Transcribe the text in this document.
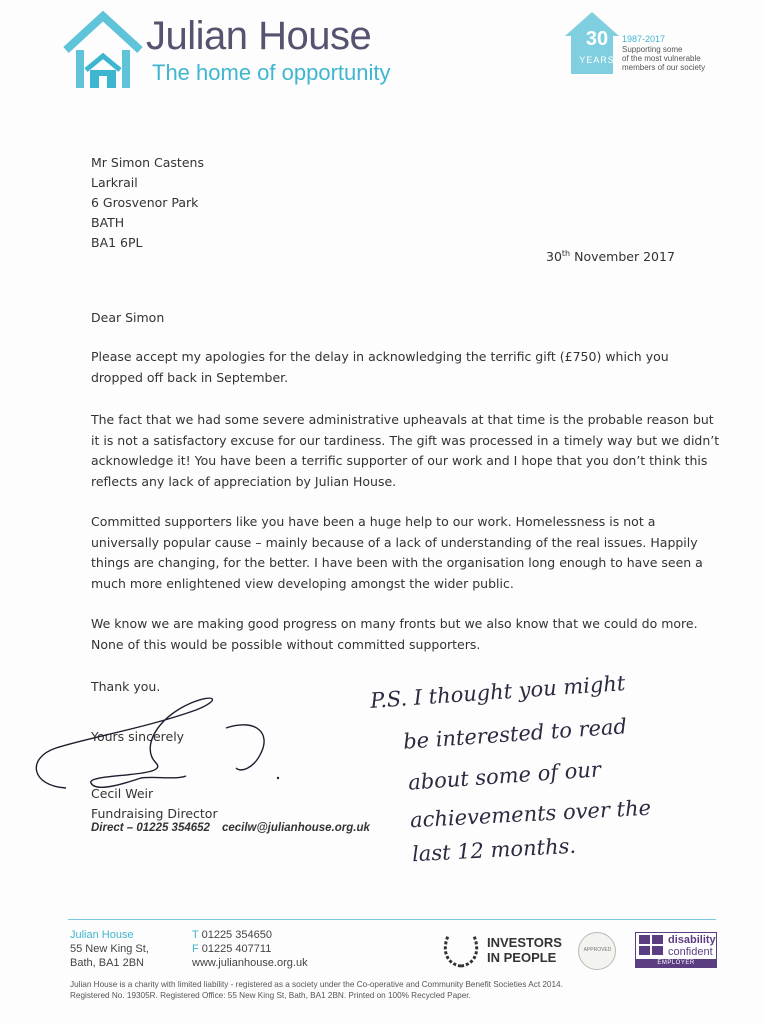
Julian House
The home of opportunity
30
YEARS
1987-2017
Supporting some
of the most vulnerable
members of our society
Mr Simon Castens
Larkrail
6 Grosvenor Park
BATH
BA1 6PL
30th November 2017
Dear Simon
Please accept my apologies for the delay in acknowledging the terrific gift (£750) which you dropped off back in September.
The fact that we had some severe administrative upheavals at that time is the probable reason but it is not a satisfactory excuse for our tardiness. The gift was processed in a timely way but we didn’t acknowledge it! You have been a terrific supporter of our work and I hope that you don’t think this reflects any lack of appreciation by Julian House.
Committed supporters like you have been a huge help to our work. Homelessness is not a universally popular cause – mainly because of a lack of understanding of the real issues. Happily things are changing, for the better. I have been with the organisation long enough to have seen a much more enlightened view developing amongst the wider public.
We know we are making good progress on many fronts but we also know that we could do more. None of this would be possible without committed supporters.
Thank you.
Yours sincerely
Cecil Weir
Fundraising Director
Direct – 01225 354652 cecilw@julianhouse.org.uk
P.S. I thought you might
be interested to read
about some of our
achievements over the
last 12 months.
Julian House
55 New King St,
Bath, BA1 2BN
T 01225 354650
F 01225 407711
www.julianhouse.org.uk
INVESTORS
IN PEOPLE	APPROVED
disability
confident
EMPLOYER
Julian House is a charity with limited liability - registered as a society under the Co-operative and Community Benefit Societies Act 2014.
Registered No. 19305R. Registered Office: 55 New King St, Bath, BA1 2BN. Printed on 100% Recycled Paper.
